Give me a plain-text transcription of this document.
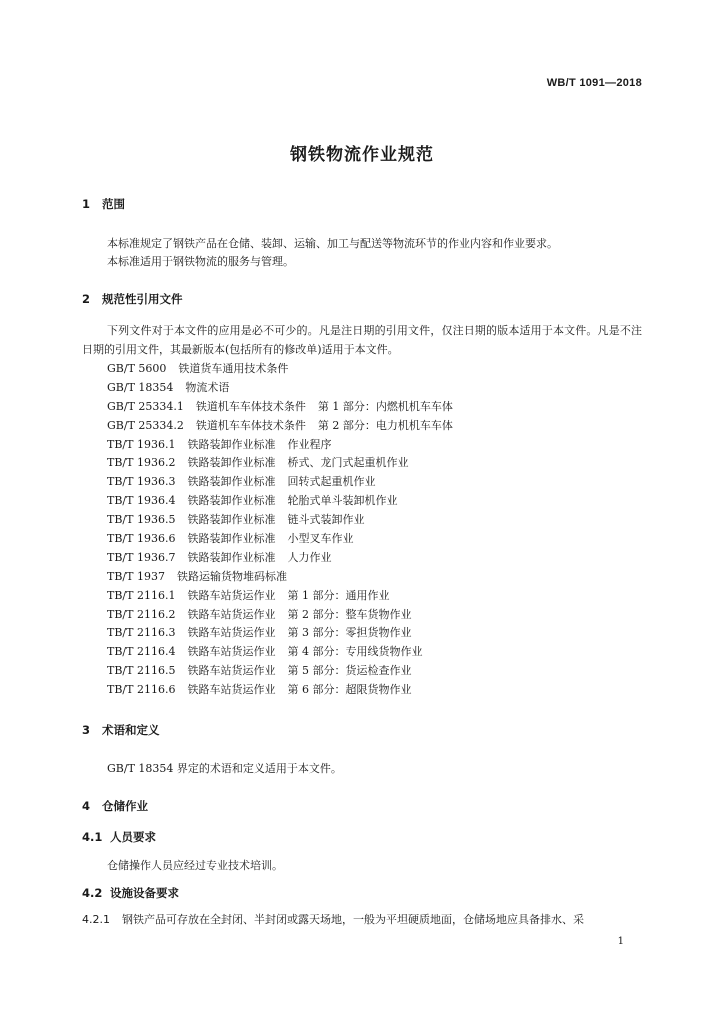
WB/T 1091—2018
钢铁物流作业规范
1 范围
本标准规定了钢铁产品在仓储、装卸、运输、加工与配送等物流环节的作业内容和作业要求。
本标准适用于钢铁物流的服务与管理。
2 规范性引用文件
下列文件对于本文件的应用是必不可少的。凡是注日期的引用文件，仅注日期的版本适用于本文件。凡是不注日期的引用文件，其最新版本(包括所有的修改单)适用于本文件。
GB/T 5600 铁道货车通用技术条件
GB/T 18354 物流术语
GB/T 25334.1 铁道机车车体技术条件 第 1 部分：内燃机机车车体
GB/T 25334.2 铁道机车车体技术条件 第 2 部分：电力机机车车体
TB/T 1936.1 铁路装卸作业标准 作业程序
TB/T 1936.2 铁路装卸作业标准 桥式、龙门式起重机作业
TB/T 1936.3 铁路装卸作业标准 回转式起重机作业
TB/T 1936.4 铁路装卸作业标准 轮胎式单斗装卸机作业
TB/T 1936.5 铁路装卸作业标准 链斗式装卸作业
TB/T 1936.6 铁路装卸作业标准 小型叉车作业
TB/T 1936.7 铁路装卸作业标准 人力作业
TB/T 1937 铁路运输货物堆码标准
TB/T 2116.1 铁路车站货运作业 第 1 部分：通用作业
TB/T 2116.2 铁路车站货运作业 第 2 部分：整车货物作业
TB/T 2116.3 铁路车站货运作业 第 3 部分：零担货物作业
TB/T 2116.4 铁路车站货运作业 第 4 部分：专用线货物作业
TB/T 2116.5 铁路车站货运作业 第 5 部分：货运检查作业
TB/T 2116.6 铁路车站货运作业 第 6 部分：超限货物作业
3 术语和定义
GB/T 18354 界定的术语和定义适用于本文件。
4 仓储作业
4.1 人员要求
仓储操作人员应经过专业技术培训。
4.2 设施设备要求
4.2.1 钢铁产品可存放在全封闭、半封闭或露天场地，一般为平坦硬质地面，仓储场地应具备排水、采
1
